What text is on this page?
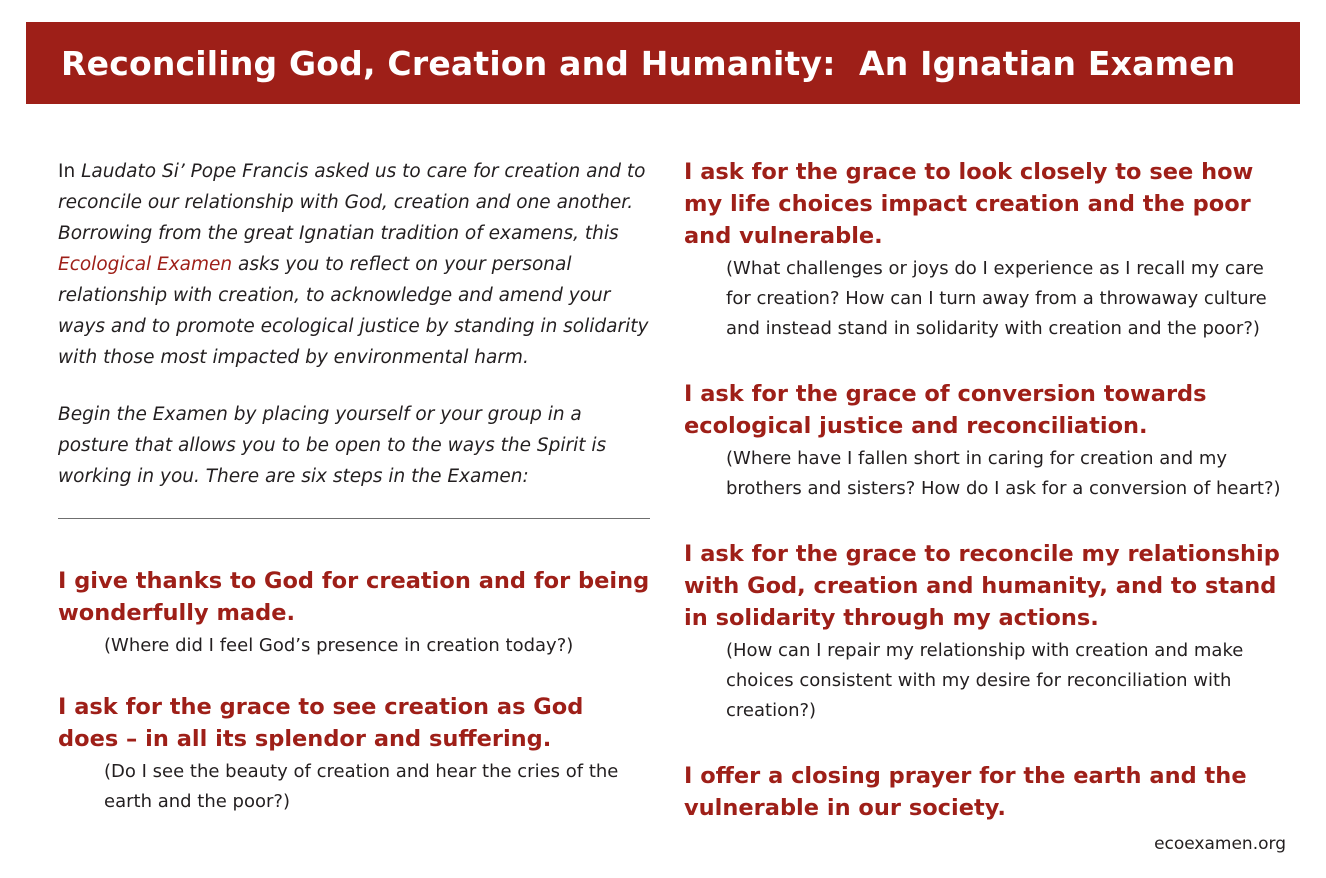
Reconciling God, Creation and Humanity:  An Ignatian Examen

In Laudato Si’ Pope Francis asked us to care for creation and to reconcile our relationship with God, creation and one another. Borrowing from the great Ignatian tradition of examens, this Ecological Examen asks you to reflect on your personal relationship with creation, to acknowledge and amend your ways and to promote ecological justice by standing in solidarity with those most impacted by environmental harm.

Begin the Examen by placing yourself or your group in a posture that allows you to be open to the ways the Spirit is working in you. There are six steps in the Examen:

I give thanks to God for creation and for being wonderfully made.

(Where did I feel God’s presence in creation today?)

I ask for the grace to see creation as God does – in all its splendor and suffering.

(Do I see the beauty of creation and hear the cries of the earth and the poor?)

I ask for the grace to look closely to see how my life choices impact creation and the poor and vulnerable.

(What challenges or joys do I experience as I recall my care for creation? How can I turn away from a throwaway culture and instead stand in solidarity with creation and the poor?)

I ask for the grace of conversion towards ecological justice and reconciliation.

(Where have I fallen short in caring for creation and my brothers and sisters? How do I ask for a conversion of heart?)

I ask for the grace to reconcile my relationship with God, creation and humanity, and to stand in solidarity through my actions.

(How can I repair my relationship with creation and make choices consistent with my desire for reconciliation with creation?)

I offer a closing prayer for the earth and the vulnerable in our society.

ecoexamen.org
